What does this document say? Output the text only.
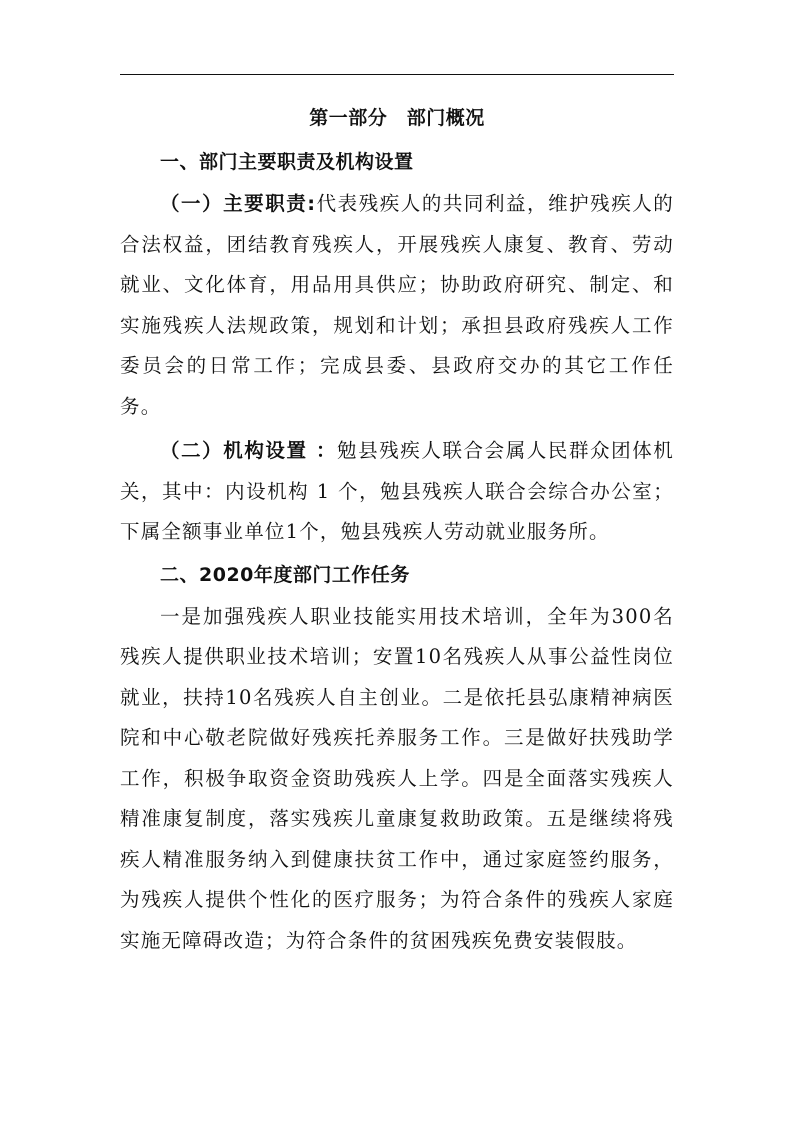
第一部分　部门概况
一、部门主要职责及机构设置

（一）主要职责:代表残疾人的共同利益，维护残疾人的合法权益，团结教育残疾人，开展残疾人康复、教育、劳动就业、文化体育，用品用具供应；协助政府研究、制定、和实施残疾人法规政策，规划和计划；承担县政府残疾人工作委员会的日常工作；完成县委、县政府交办的其它工作任务。

（二）机构设置 ：勉县残疾人联合会属人民群众团体机关，其中：内设机构 1 个，勉县残疾人联合会综合办公室；下属全额事业单位1个，勉县残疾人劳动就业服务所。

二、2020年度部门工作任务

一是加强残疾人职业技能实用技术培训，全年为300名残疾人提供职业技术培训；安置10名残疾人从事公益性岗位就业，扶持10名残疾人自主创业。二是依托县弘康精神病医院和中心敬老院做好残疾托养服务工作。三是做好扶残助学工作，积极争取资金资助残疾人上学。四是全面落实残疾人精准康复制度，落实残疾儿童康复救助政策。五是继续将残疾人精准服务纳入到健康扶贫工作中，通过家庭签约服务，为残疾人提供个性化的医疗服务；为符合条件的残疾人家庭实施无障碍改造；为符合条件的贫困残疾免费安装假肢。
